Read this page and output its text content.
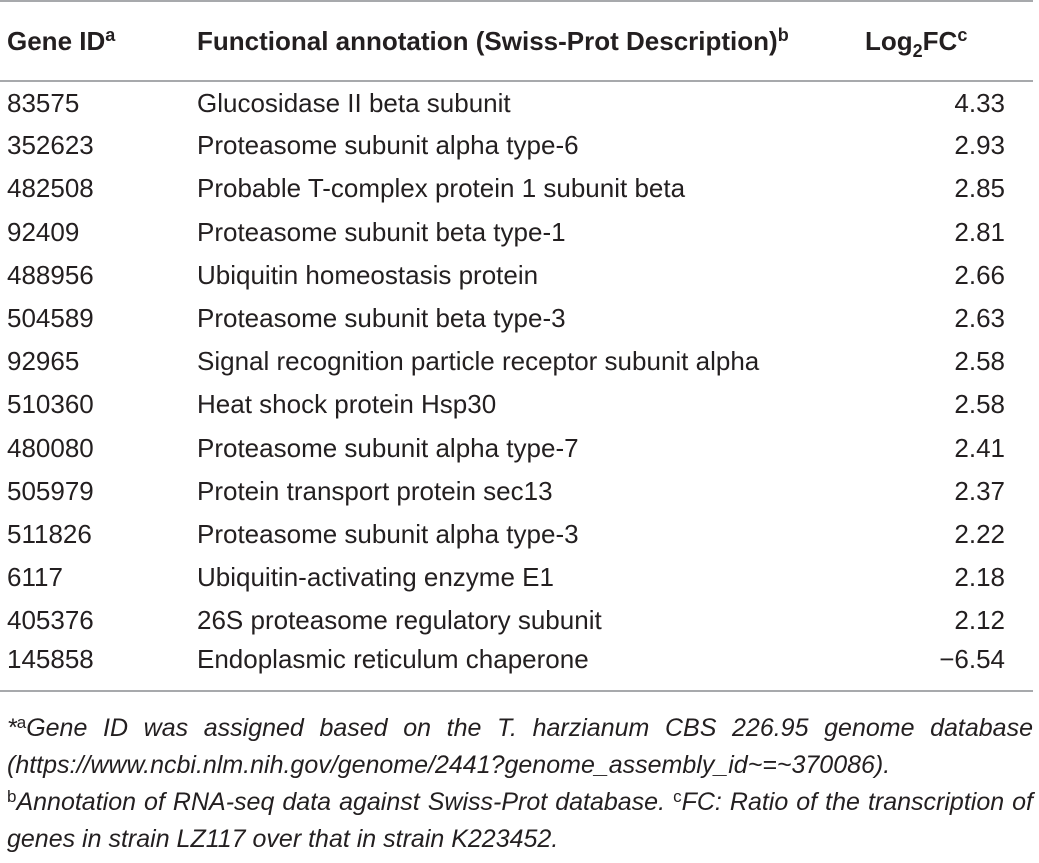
Gene $ID^a$	Functional annotation (Swiss-Prot Description)$^b$	$Log_2FC^c$
83575	Glucosidase II beta subunit	4.33
352623	Proteasome subunit alpha type-6	2.93
482508	Probable T-complex protein 1 subunit beta	2.85
92409	Proteasome subunit beta type-1	2.81
488956	Ubiquitin homeostasis protein	2.66
504589	Proteasome subunit beta type-3	2.63
92965	Signal recognition particle receptor subunit alpha	2.58
510360	Heat shock protein Hsp30	2.58
480080	Proteasome subunit alpha type-7	2.41
505979	Protein transport protein sec13	2.37
511826	Proteasome subunit alpha type-3	2.22
6117	Ubiquitin-activating enzyme E1	2.18
405376	26S proteasome regulatory subunit	2.12
145858	Endoplasmic reticulum chaperone	−6.54

*$^a$Gene ID was assigned based on the T. harzianum CBS 226.95 genome database (https://www.ncbi.nlm.nih.gov/genome/2441?genome_assembly_id~=~370086).

$^b$Annotation of RNA-seq data against Swiss-Prot database. $^c$FC: Ratio of the transcription of genes in strain LZ117 over that in strain K223452.
